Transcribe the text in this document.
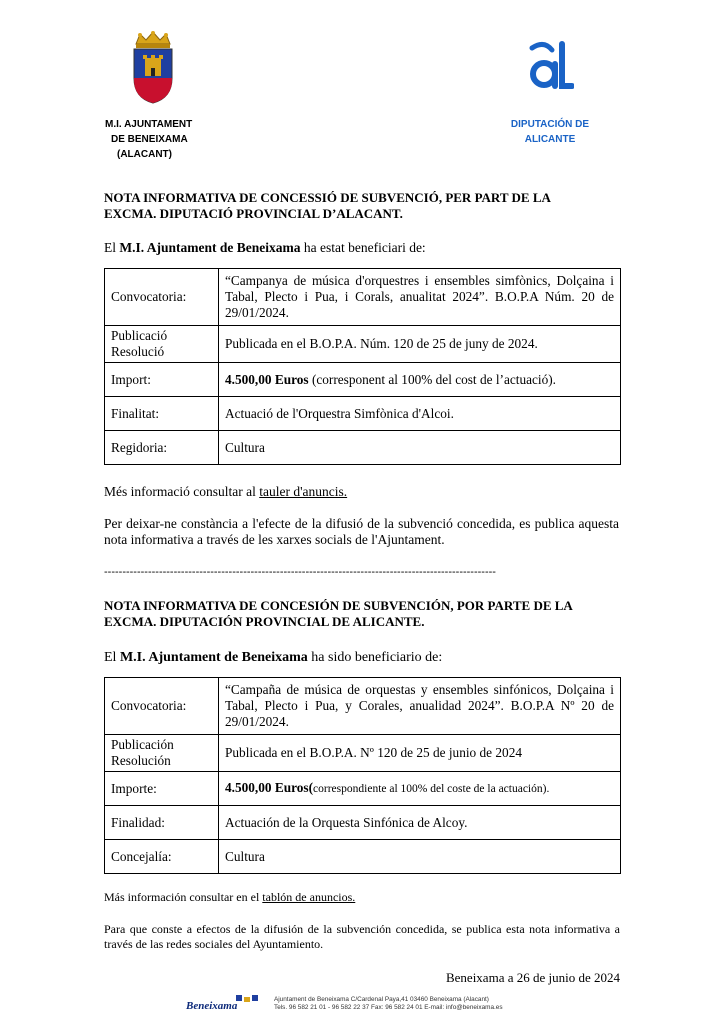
M.I. AJUNTAMENT
DE BENEIXAMA
(ALACANT)
DIPUTACIÓN DE
ALICANTE
NOTA INFORMATIVA DE CONCESSIÓ DE SUBVENCIÓ, PER PART DE LA EXCMA. DIPUTACIÓ PROVINCIAL D’ALACANT.
El M.I. Ajuntament de Beneixama ha estat beneficiari de:
Convocatoria:	“Campanya de música d'orquestres i ensembles simfònics, Dolçaina i Tabal, Plecto i Pua, i Corals, anualitat 2024”. B.O.P.A Núm. 20 de 29/01/2024.
Publicació Resolució	Publicada en el B.O.P.A. Núm. 120 de 25 de juny de 2024.
Import:	4.500,00 Euros (corresponent al 100% del cost de l’actuació).
Finalitat:	Actuació de l'Orquestra Simfònica d'Alcoi.
Regidoria:	Cultura
Més informació consultar al tauler d'anuncis.
Per deixar-ne constància a l'efecte de la difusió de la subvenció concedida, es publica aquesta nota informativa a través de les xarxes socials de l'Ajuntament.
-----------------------------------------------------------------------------------------------------------
NOTA INFORMATIVA DE CONCESIÓN DE SUBVENCIÓN, POR PARTE DE LA EXCMA. DIPUTACIÓN PROVINCIAL DE ALICANTE.
El M.I. Ajuntament de Beneixama ha sido beneficiario de:
Convocatoria:	“Campaña de música de orquestas y ensembles sinfónicos, Dolçaina i Tabal, Plecto i Pua, y Corales, anualidad 2024”. B.O.P.A Nº 20 de 29/01/2024.
Publicación Resolución	Publicada en el B.O.P.A. Nº 120 de 25 de junio de 2024
Importe:	4.500,00 Euros(correspondiente al 100% del coste de la actuación).
Finalidad:	Actuación de la Orquesta Sinfónica de Alcoy.
Concejalía:	Cultura
Más información consultar en el tablón de anuncios.
Para que conste a efectos de la difusión de la subvención concedida, se publica esta nota informativa a través de las redes sociales del Ayuntamiento.
Beneixama a 26 de junio de 2024
Beneixama
Ajuntament de Beneixama C/Cardenal Paya,41 03460 Beneixama (Alacant)
Tels. 96 582 21 01 - 96 582 22 37 Fax: 96 582 24 01 E-mail: info@beneixama.es
